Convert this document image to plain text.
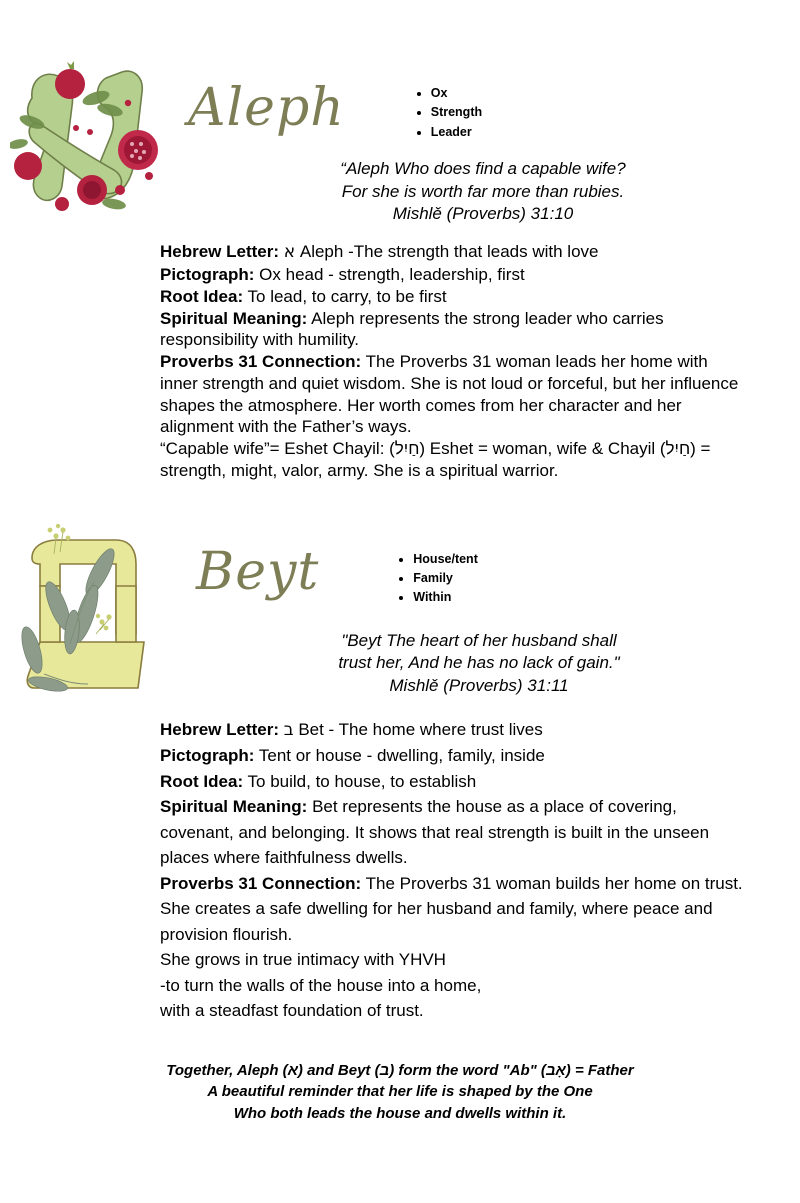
Aleph	• Ox
• Strength
• Leader
“Aleph Who does find a capable wife?
For she is worth far more than rubies.
Mishlě (Proverbs) 31:10

Hebrew Letter: א Aleph -The strength that leads with love

Pictograph: Ox head - strength, leadership, first

Root Idea: To lead, to carry, to be first

Spiritual Meaning: Aleph represents the strong leader who carries responsibility with humility.

Proverbs 31 Connection: The Proverbs 31 woman leads her home with inner strength and quiet wisdom. She is not loud or forceful, but her influence shapes the atmosphere. Her worth comes from her character and her alignment with the Father’s ways.

“Capable wife”= Eshet Chayil: (חַיִל) Eshet = woman, wife & Chayil (חַיִל) = strength, might, valor, army. She is a spiritual warrior.

Beyt	• House/tent
• Family
• Within
"Beyt The heart of her husband shall
trust her, And he has no lack of gain."
Mishlě (Proverbs) 31:11

Hebrew Letter: ב Bet - The home where trust lives

Pictograph: Tent or house - dwelling, family, inside

Root Idea: To build, to house, to establish

Spiritual Meaning: Bet represents the house as a place of covering, covenant, and belonging. It shows that real strength is built in the unseen places where faithfulness dwells.

Proverbs 31 Connection: The Proverbs 31 woman builds her home on trust. She creates a safe dwelling for her husband and family, where peace and provision flourish.

She grows in true intimacy with YHVH

-to turn the walls of the house into a home,

with a steadfast foundation of trust.

Together, Aleph (א) and Beyt (ב) form the word "Ab" (אָב) = Father
A beautiful reminder that her life is shaped by the One
Who both leads the house and dwells within it.
